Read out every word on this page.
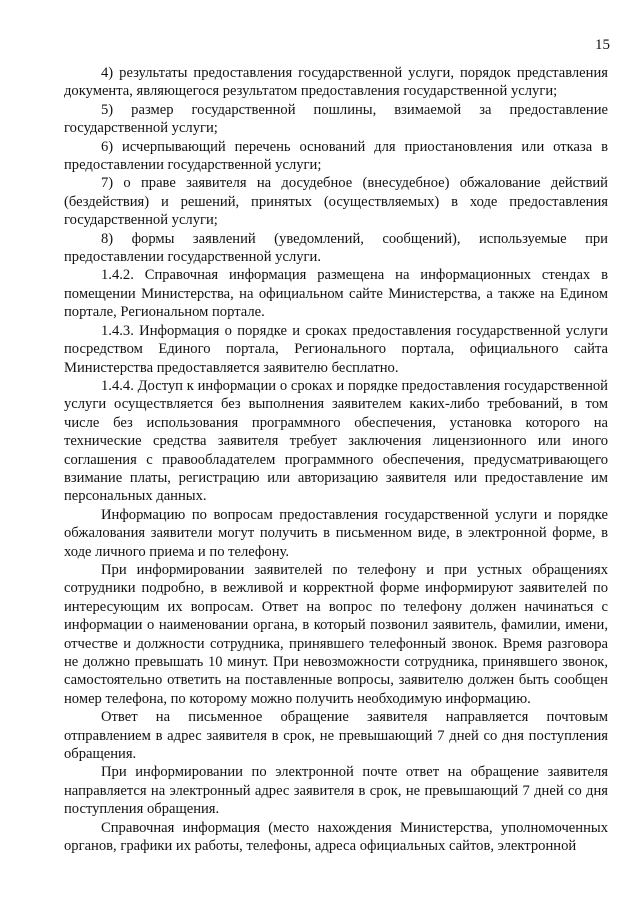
15

4) результаты предоставления государственной услуги, порядок представления документа, являющегося результатом предоставления государственной услуги;

5) размер государственной пошлины, взимаемой за предоставление государственной услуги;

6) исчерпывающий перечень оснований для приостановления или отказа в предоставлении государственной услуги;

7) о праве заявителя на досудебное (внесудебное) обжалование действий (бездействия) и решений, принятых (осуществляемых) в ходе предоставления государственной услуги;

8) формы заявлений (уведомлений, сообщений), используемые при предоставлении государственной услуги.

1.4.2. Справочная информация размещена на информационных стендах в помещении Министерства, на официальном сайте Министерства, а также на Едином портале, Региональном портале.

1.4.3. Информация о порядке и сроках предоставления государственной услуги посредством Единого портала, Регионального портала, официального сайта Министерства предоставляется заявителю бесплатно.

1.4.4. Доступ к информации о сроках и порядке предоставления государственной услуги осуществляется без выполнения заявителем каких-либо требований, в том числе без использования программного обеспечения, установка которого на технические средства заявителя требует заключения лицензионного или иного соглашения с правообладателем программного обеспечения, предусматривающего взимание платы, регистрацию или авторизацию заявителя или предоставление им персональных данных.

Информацию по вопросам предоставления государственной услуги и порядке обжалования заявители могут получить в письменном виде, в электронной форме, в ходе личного приема и по телефону.

При информировании заявителей по телефону и при устных обращениях сотрудники подробно, в вежливой и корректной форме информируют заявителей по интересующим их вопросам. Ответ на вопрос по телефону должен начинаться с информации о наименовании органа, в который позвонил заявитель, фамилии, имени, отчестве и должности сотрудника, принявшего телефонный звонок. Время разговора не должно превышать 10 минут. При невозможности сотрудника, принявшего звонок, самостоятельно ответить на поставленные вопросы, заявителю должен быть сообщен номер телефона, по которому можно получить необходимую информацию.

Ответ на письменное обращение заявителя направляется почтовым отправлением в адрес заявителя в срок, не превышающий 7 дней со дня поступления обращения.

При информировании по электронной почте ответ на обращение заявителя направляется на электронный адрес заявителя в срок, не превышающий 7 дней со дня поступления обращения.

Справочная информация (место нахождения Министерства, уполномоченных органов, графики их работы, телефоны, адреса официальных сайтов, электронной
